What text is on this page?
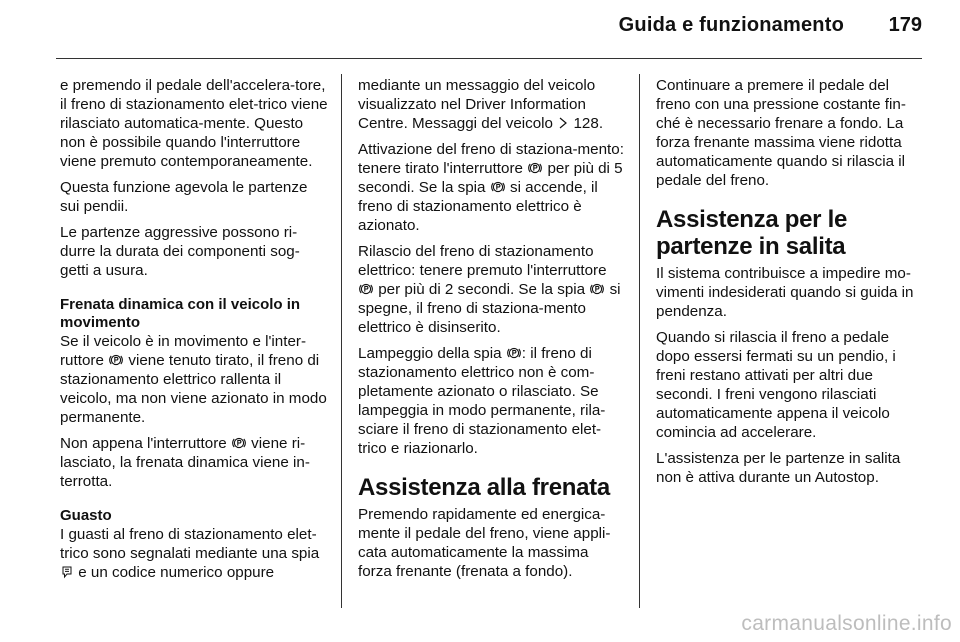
Guida e funzionamento	179

e premendo il pedale dell'accelera-tore, il freno di stazionamento elet-trico viene rilasciato automatica-mente. Questo non è possibile quando l'interruttore viene premuto contemporaneamente.

Questa funzione agevola le partenze sui pendii.

Le partenze aggressive possono ri-durre la durata dei componenti sog-getti a usura.

Frenata dinamica con il veicolo in movimento

Se il veicolo è in movimento e l'inter-ruttore viene tenuto tirato, il freno di stazionamento elettrico rallenta il veicolo, ma non viene azionato in modo permanente.

Non appena l'interruttore viene ri-lasciato, la frenata dinamica viene in-terrotta.

Guasto

I guasti al freno di stazionamento elet-trico sono segnalati mediante una spia
e un codice numerico oppure

mediante un messaggio del veicolo visualizzato nel Driver Information Centre. Messaggi del veicolo 128.

Attivazione del freno di staziona-mento: tenere tirato l'interruttore per più di 5 secondi. Se la spia si accende, il freno di stazionamento elettrico è azionato.

Rilascio del freno di stazionamento elettrico: tenere premuto l'interruttore
per più di 2 secondi. Se la spia si spegne, il freno di staziona-mento elettrico è disinserito.

Lampeggio della spia : il freno di stazionamento elettrico non è com-pletamente azionato o rilasciato. Se lampeggia in modo permanente, rila-sciare il freno di stazionamento elet-trico e riazionarlo.

Assistenza alla frenata

Premendo rapidamente ed energica-mente il pedale del freno, viene appli-cata automaticamente la massima forza frenante (frenata a fondo).

Continuare a premere il pedale del freno con una pressione costante fin-ché è necessario frenare a fondo. La forza frenante massima viene ridotta automaticamente quando si rilascia il pedale del freno.

Assistenza per le partenze in salita

Il sistema contribuisce a impedire mo-vimenti indesiderati quando si guida in pendenza.

Quando si rilascia il freno a pedale dopo essersi fermati su un pendio, i freni restano attivati per altri due secondi. I freni vengono rilasciati automaticamente appena il veicolo comincia ad accelerare.

L'assistenza per le partenze in salita non è attiva durante un Autostop.

carmanualsonline.info
